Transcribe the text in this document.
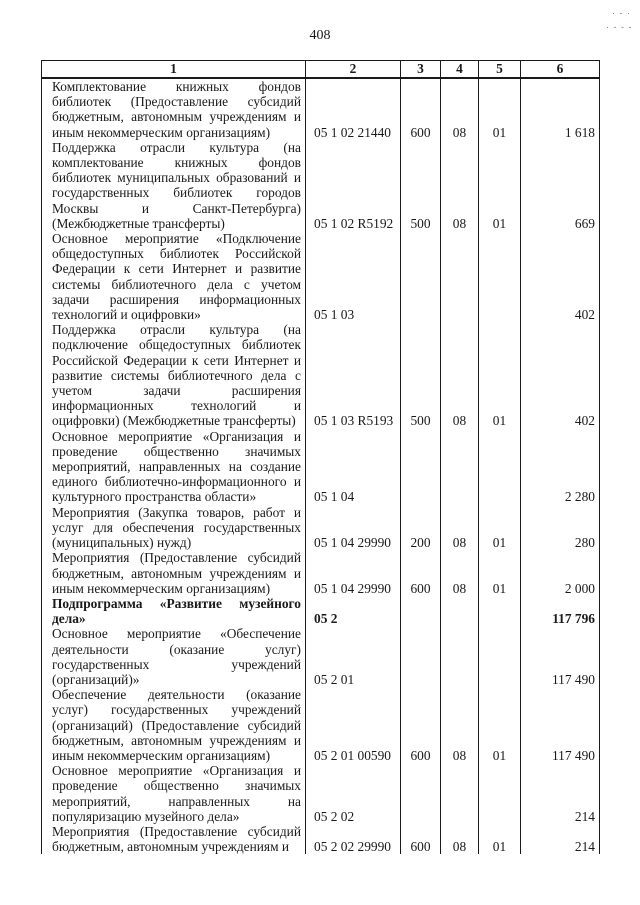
408
· - ·
· - - -
1	2	3	4	5	6
Комплектование книжных фондов библиотек (Предоставление субсидий бюджетным, автономным учреждениям и иным некоммерческим организациям)	05 1 02 21440	600	08	01	1 618
Поддержка отрасли культура (на комплектование книжных фондов библиотек муниципальных образований и государственных библиотек городов Москвы и Санкт-Петербурга) (Межбюджетные трансферты)	05 1 02 R5192	500	08	01	669
Основное мероприятие «Подключение общедоступных библиотек Российской Федерации к сети Интернет и развитие системы библиотечного дела с учетом задачи расширения информационных технологий и оцифровки»	05 1 03				402
Поддержка отрасли культура (на подключение общедоступных библиотек Российской Федерации к сети Интернет и развитие системы библиотечного дела с учетом задачи расширения информационных технологий и оцифровки) (Межбюджетные трансферты)	05 1 03 R5193	500	08	01	402
Основное мероприятие «Организация и проведение общественно значимых мероприятий, направленных на создание единого библиотечно-информационного и культурного пространства области»	05 1 04				2 280
Мероприятия (Закупка товаров, работ и услуг для обеспечения государственных (муниципальных) нужд)	05 1 04 29990	200	08	01	280
Мероприятия (Предоставление субсидий бюджетным, автономным учреждениям и иным некоммерческим организациям)	05 1 04 29990	600	08	01	2 000
Подпрограмма «Развитие музейного дела»	05 2				117 796
Основное мероприятие «Обеспечение деятельности (оказание услуг) государственных учреждений (организаций)»	05 2 01				117 490
Обеспечение деятельности (оказание услуг) государственных учреждений (организаций) (Предоставление субсидий бюджетным, автономным учреждениям и иным некоммерческим организациям)	05 2 01 00590	600	08	01	117 490
Основное мероприятие «Организация и проведение общественно значимых мероприятий, направленных на популяризацию музейного дела»	05 2 02				214
Мероприятия (Предоставление субсидий бюджетным, автономным учреждениям и	05 2 02 29990	600	08	01	214
